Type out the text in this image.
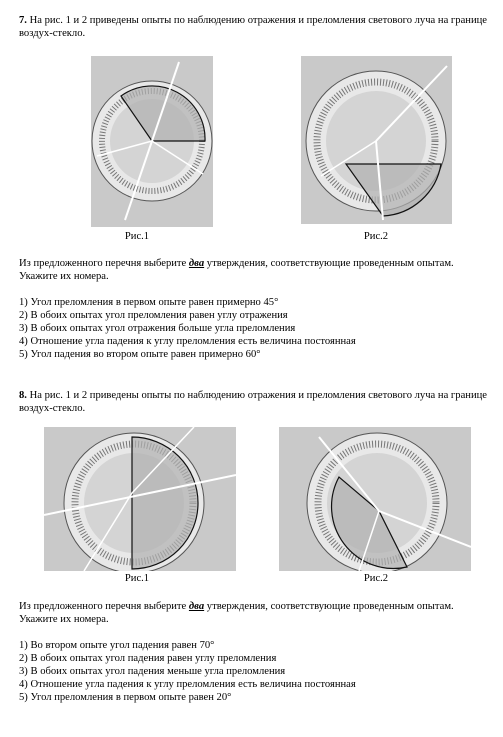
7. На рис. 1 и 2 приведены опыты по наблюдению отражения и преломления светового луча на границе воздух-стекло.
Рис.1	Рис.2
Из предложенного перечня выберите два утверждения, соответствующие проведенным опытам. Укажите их номера.
1) Угол преломления в первом опыте равен примерно 45°
2) В обоих опытах угол преломления равен углу отражения
3) В обоих опытах угол отражения больше угла преломления
4) Отношение угла падения к углу преломления есть величина постоянная
5) Угол падения во втором опыте равен примерно 60°
8. На рис. 1 и 2 приведены опыты по наблюдению отражения и преломления светового луча на границе воздух-стекло.
Рис.1	Рис.2
Из предложенного перечня выберите два утверждения, соответствующие проведенным опытам. Укажите их номера.
1) Во втором опыте угол падения равен 70°
2) В обоих опытах угол падения равен углу преломления
3) В обоих опытах угол падения меньше угла преломления
4) Отношение угла падения к углу преломления есть величина постоянная
5) Угол преломления в первом опыте равен 20°
